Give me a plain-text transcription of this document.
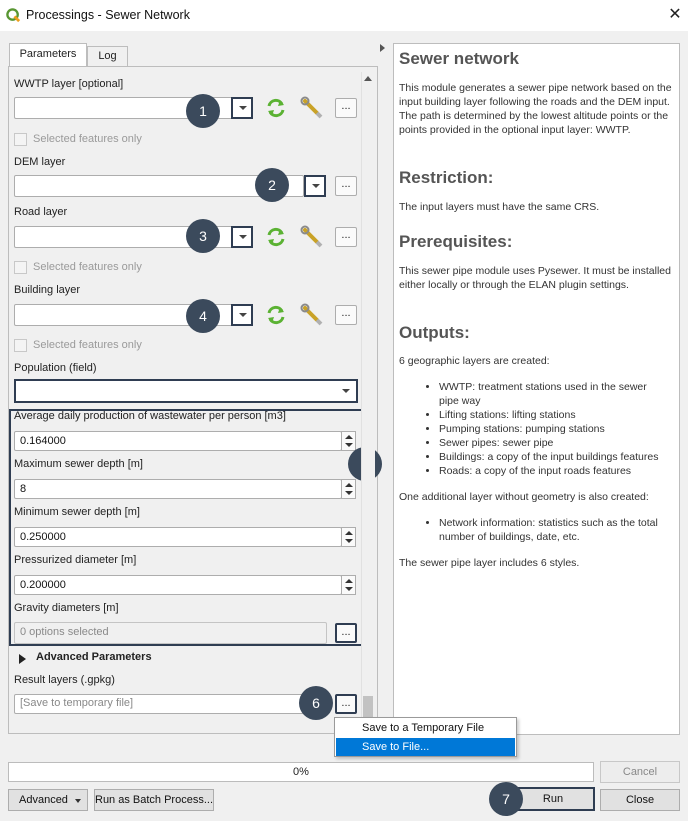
Processings - Sewer Network	✕
Parameters	Log
WWTP layer [optional]
...
1
Selected features only
DEM layer
...
2
Road layer
...
3
Selected features only
Building layer
...
4
Selected features only
Population (field)
Average daily production of wastewater per person [m3]
0.164000
Maximum sewer depth [m]
8
Minimum sewer depth [m]
0.250000
Pressurized diameter [m]
0.200000
Gravity diameters [m]
0 options selected	...
Advanced Parameters
Result layers (.gpkg)
[Save to temporary file]	...
6
Sewer network

This module generates a sewer pipe network based on the input building layer following the roads and the DEM input. The path is determined by the lowest altitude points or the points provided in the optional input layer: WWTP.

Restriction:

The input layers must have the same CRS.

Prerequisites:

This sewer pipe module uses Pysewer. It must be installed either locally or through the ELAN plugin settings.

Outputs:

6 geographic layers are created:

• WWTP: treatment stations used in the sewer pipe way
• Lifting stations: lifting stations
• Pumping stations: pumping stations
• Sewer pipes: sewer pipe
• Buildings: a copy of the input buildings features
• Roads: a copy of the input roads features

One additional layer without geometry is also created:

• Network information: statistics such as the total number of buildings, date, etc.

The sewer pipe layer includes 6 styles.

Save to a Temporary File
Save to File...
0%	Cancel
Advanced	Run as Batch Process...	Run	Close
7
